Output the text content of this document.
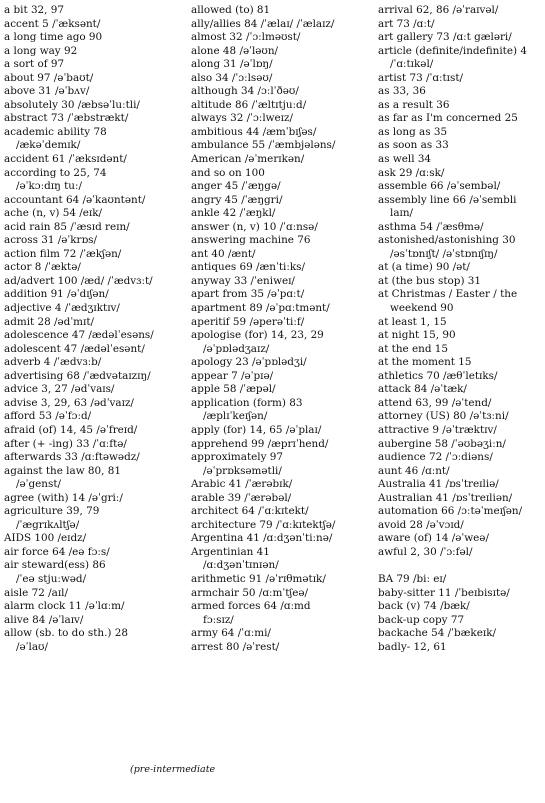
a bit 32, 97
accent 5 /ˈæksənt/
a long time ago 90
a long way 92
a sort of 97
about 97 /əˈbaʊt/
above 31 /əˈbʌv/
absolutely 30 /æbsəˈluːtli/
abstract 73 /ˈæbstrækt/
academic ability 78
/ækəˈdemɪk/
accident 61 /ˈæksɪdənt/
according to 25, 74
/əˈkɔːdɪŋ tuː/
accountant 64 /əˈkaʊntənt/
ache (n, v) 54 /eɪk/
acid rain 85 /ˈæsɪd reɪn/
across 31 /əˈkrɒs/
action film 72 /ˈækʃən/
actor 8 /ˈæktə/
ad/advert 100 /æd/ /ˈædvɜːt/
addition 91 /əˈdɪʃən/
adjective 4 /ˈædʒɪktɪv/
admit 28 /ədˈmɪt/
adolescence 47 /ædəlˈesəns/
adolescent 47 /ædəlˈesənt/
adverb 4 /ˈædvɜːb/
advertising 68 /ˈædvətaɪzɪŋ/
advice 3, 27 /ədˈvaɪs/
advise 3, 29, 63 /ədˈvaɪz/
afford 53 /əˈfɔːd/
afraid (of) 14, 45 /əˈfreɪd/
after (+ -ing) 33 /ˈɑːftə/
afterwards 33 /ɑːftəwədz/
against the law 80, 81
/əˈgenst/
agree (with) 14 /əˈgriː/
agriculture 39, 79
/ˈægrɪkʌltʃə/
AIDS 100 /eɪdz/
air force 64 /eə fɔːs/
air steward(ess) 86
/ˈeə stjuːwəd/
aisle 72 /aɪl/
alarm clock 11 /əˈlɑːm/
alive 84 /əˈlaɪv/
allow (sb. to do sth.) 28
/əˈlaʊ/
allowed (to) 81
ally/allies 84 /ˈælaɪ/ /ˈælaɪz/
almost 32 /ˈɔːlməʊst/
alone 48 /əˈləʊn/
along 31 /əˈlɒŋ/
also 34 /ˈɔːlsəʊ/
although 34 /ɔːlˈðəʊ/
altitude 86 /ˈæltɪtjuːd/
always 32 /ˈɔːlweɪz/
ambitious 44 /æmˈbɪʃəs/
ambulance 55 /ˈæmbjələns/
American /əˈmerɪkən/
and so on 100
anger 45 /ˈæŋgə/
angry 45 /ˈæŋgri/
ankle 42 /ˈæŋkl/
answer (n, v) 10 /ˈɑːnsə/
answering machine 76
ant 40 /ænt/
antiques 69 /ænˈtiːks/
anyway 33 /ˈeniweɪ/
apart from 35 /əˈpɑːt/
apartment 89 /əˈpɑːtmənt/
aperitif 59 /əperəˈtiːf/
apologise (for) 14, 23, 29
/əˈpɒlədʒaɪz/
apology 23 /əˈpɒlədʒi/
appear 7 /əˈpɪə/
apple 58 /ˈæpəl/
application (form) 83
/æplɪˈkeɪʃən/
apply (for) 14, 65 /əˈplaɪ/
apprehend 99 /æprɪˈhend/
approximately 97
/əˈprɒksəmətli/
Arabic 41 /ˈærəbɪk/
arable 39 /ˈærəbəl/
architect 64 /ˈɑːkɪtekt/
architecture 79 /ˈɑːkɪtektʃə/
Argentina 41 /ɑːdʒənˈtiːnə/
Argentinian 41
/ɑːdʒənˈtɪnɪən/
arithmetic 91 /əˈrɪθmətɪk/
armchair 50 /ɑːmˈtʃeə/
armed forces 64 /ɑːmd
fɔːsɪz/
army 64 /ˈɑːmi/
arrest 80 /əˈrest/
arrival 62, 86 /əˈraɪvəl/
art 73 /ɑːt/
art gallery 73 /ɑːt gæləri/
article (definite/indefinite) 4
/ˈɑːtɪkəl/
artist 73 /ˈɑːtɪst/
as 33, 36
as a result 36
as far as I'm concerned 25
as long as 35
as soon as 33
as well 34
ask 29 /ɑːsk/
assemble 66 /əˈsembəl/
assembly line 66 /əˈsembli
laɪn/
asthma 54 /ˈæsθmə/
astonished/astonishing 30
/əsˈtɒnɪʃt/ /əˈstɒnɪʃɪŋ/
at (a time) 90 /ət/
at (the bus stop) 31
at Christmas / Easter / the
weekend 90
at least 1, 15
at night 15, 90
at the end 15
at the moment 15
athletics 70 /æθˈletɪks/
attack 84 /əˈtæk/
attend 63, 99 /əˈtend/
attorney (US) 80 /əˈtɜːni/
attractive 9 /əˈtræktɪv/
aubergine 58 /ˈəʊbəʒiːn/
audience 72 /ˈɔːdiəns/
aunt 46 /ɑːnt/
Australia 41 /ɒsˈtreɪliə/
Australian 41 /ɒsˈtreɪliən/
automation 66 /ɔːtəˈmeɪʃən/
avoid 28 /əˈvɔɪd/
aware (of) 14 /əˈweə/
awful 2, 30 /ˈɔːfəl/
BA 79 /biː eɪ/
baby-sitter 11 /ˈbeɪbisɪtə/
back (v) 74 /bæk/
back-up copy 77
backache 54 /ˈbækeɪk/
badly- 12, 61
(pre-intermediate
